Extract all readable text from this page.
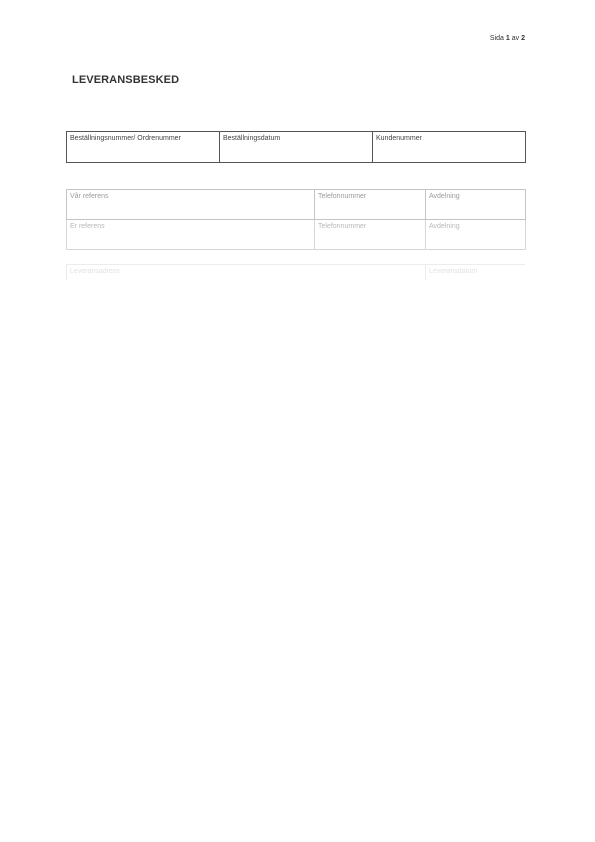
Sida 1 av 2
LEVERANSBESKED
Beställningsnummer/ Ordrenummer	Beställningsdatum	Kundenummer
Vår referens	Telefonnummer	Avdelning
Er referens	Telefonnummer	Avdelning
Leveransadress	Leveransdatum
